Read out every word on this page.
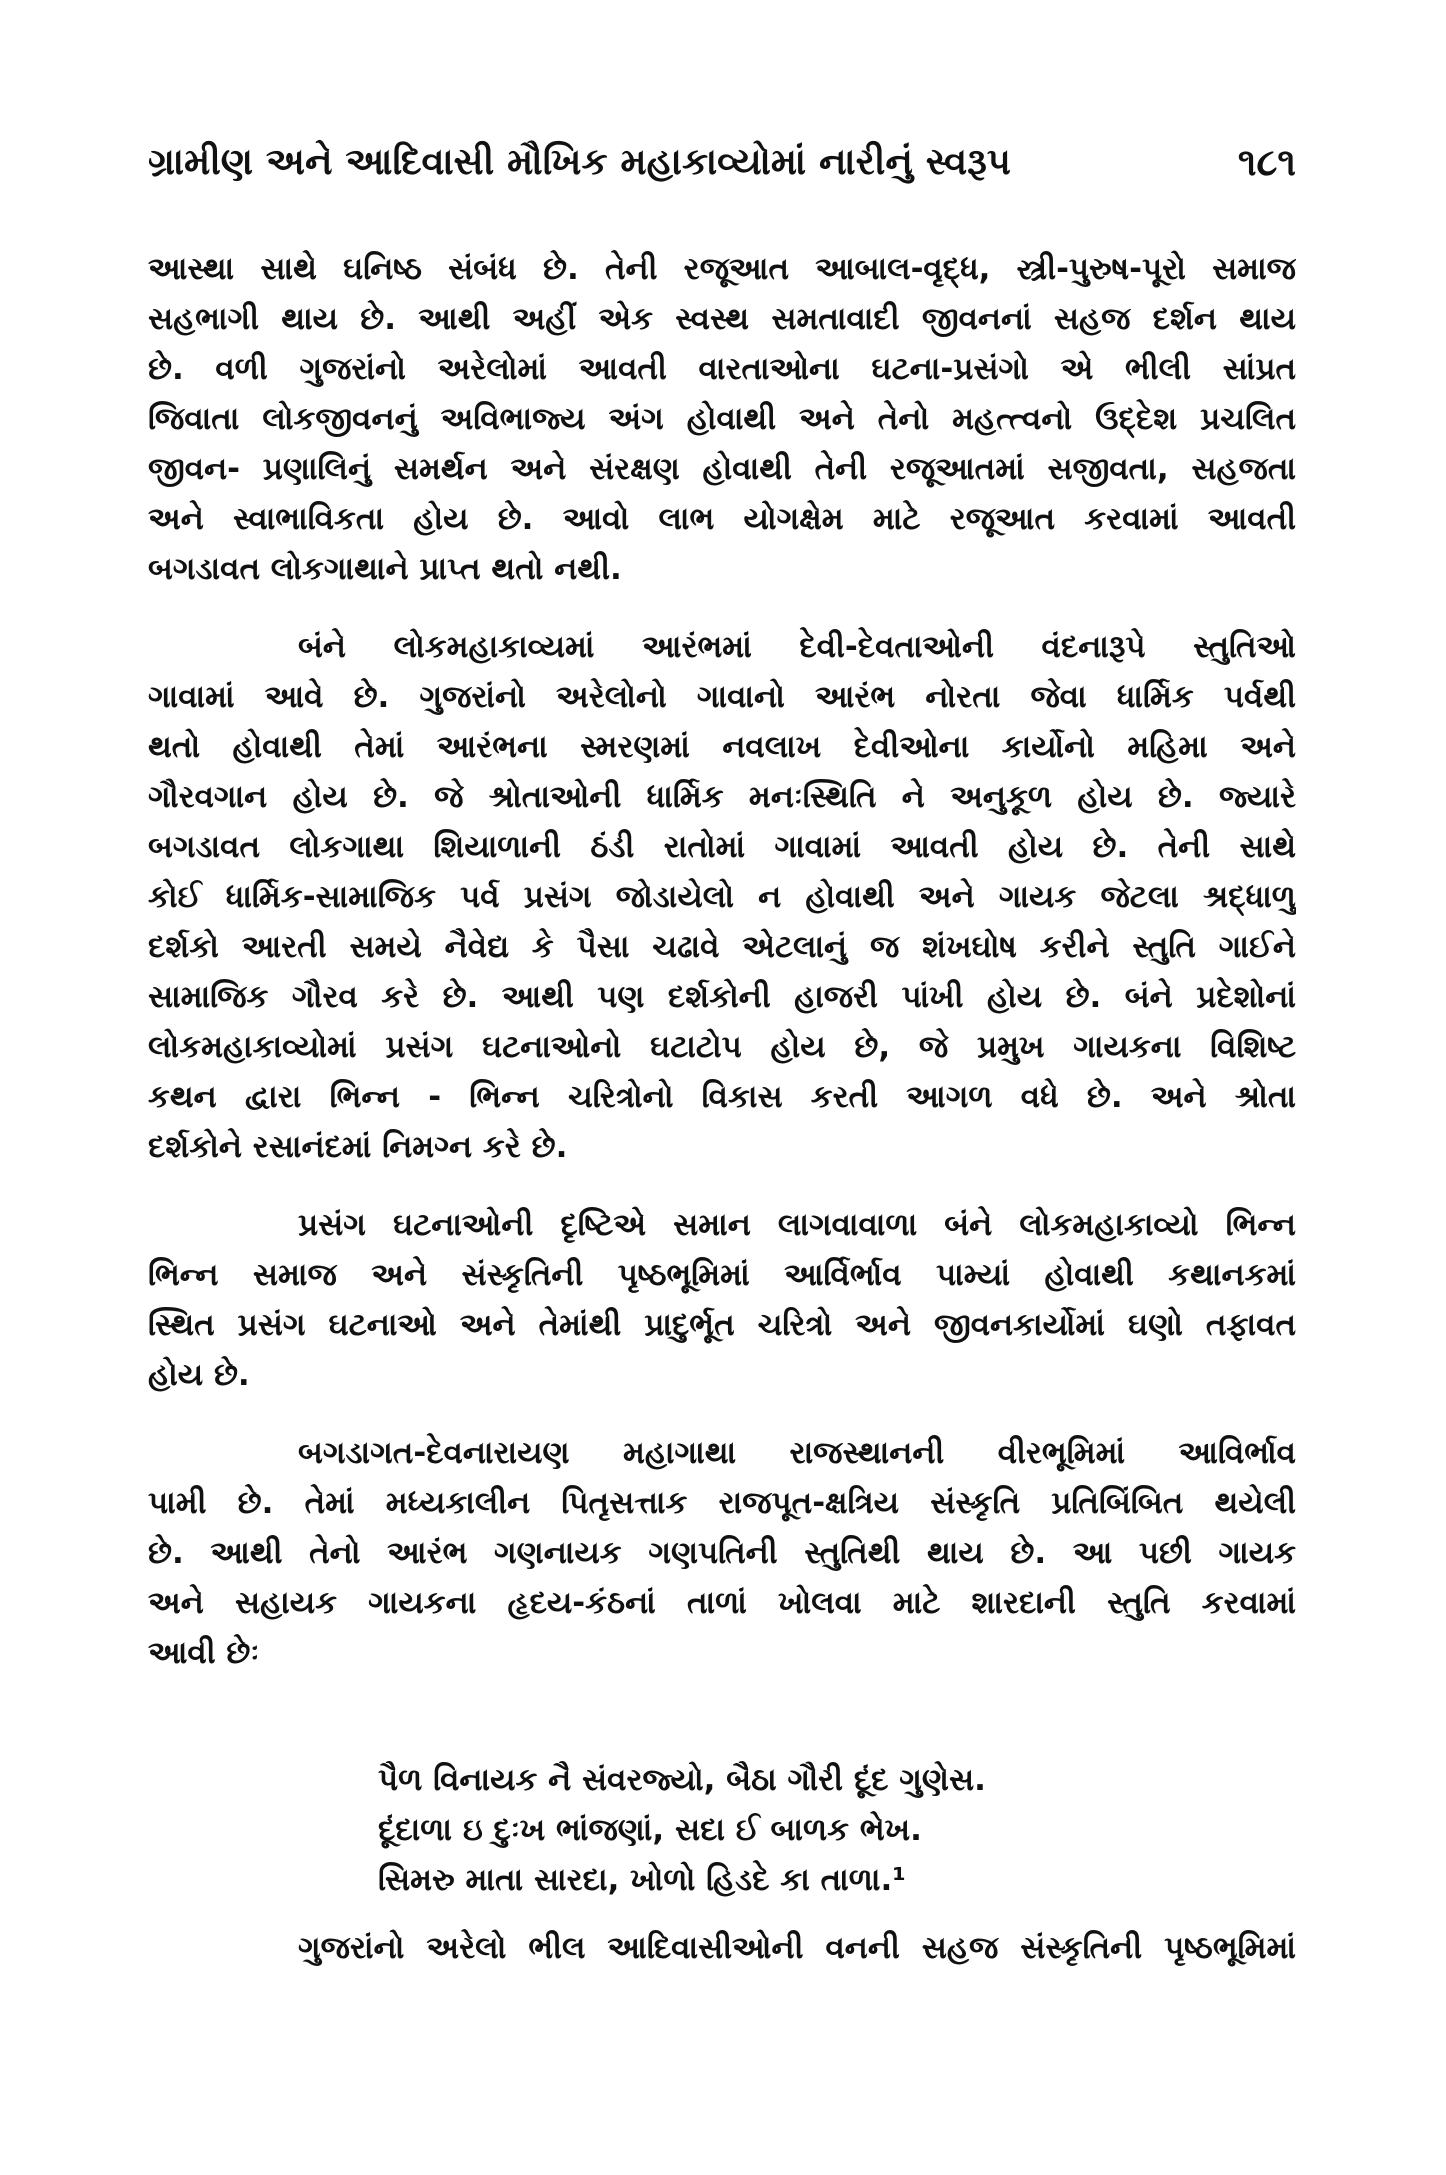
ગ્રામીણ અને આદિવાસી મૌખિક મહાકાવ્યોમાં નારીનું સ્વરૂપ	૧૮૧
આસ્થા સાથે ઘનિષ્ઠ સંબંધ છે. તેની રજૂઆત આબાલ-વૃદ્ધ, સ્ત્રી-પુરુષ-પૂરો સમાજ
સહભાગી થાય છે. આથી અહીં એક સ્વસ્થ સમતાવાદી જીવનનાં સહજ દર્શન થાય
છે. વળી ગુજરાંનો અરેલોમાં આવતી વારતાઓના ઘટના-પ્રસંગો એ ભીલી સાંપ્રત
જિવાતા લોકજીવનનું અવિભાજ્ય અંગ હોવાથી અને તેનો મહત્ત્વનો ઉદ્દેશ પ્રચલિત
જીવન- પ્રણાલિનું સમર્થન અને સંરક્ષણ હોવાથી તેની રજૂઆતમાં સજીવતા, સહજતા
અને સ્વાભાવિકતા હોય છે. આવો લાભ યોગક્ષેમ માટે રજૂઆત કરવામાં આવતી
બગડાવત લોકગાથાને પ્રાપ્ત થતો નથી.
બંને લોકમહાકાવ્યમાં આરંભમાં દેવી-દેવતાઓની વંદનારૂપે સ્તુતિઓ
ગાવામાં આવે છે. ગુજરાંનો અરેલોનો ગાવાનો આરંભ નોરતા જેવા ધાર્મિક પર્વથી
થતો હોવાથી તેમાં આરંભના સ્મરણમાં નવલાખ દેવીઓના કાર્યોનો મહિમા અને
ગૌરવગાન હોય છે. જે શ્રોતાઓની ધાર્મિક મનઃસ્થિતિ ને અનુકૂળ હોય છે. જ્યારે
બગડાવત લોકગાથા શિયાળાની ઠંડી રાતોમાં ગાવામાં આવતી હોય છે. તેની સાથે
કોઈ ધાર્મિક-સામાજિક પર્વ પ્રસંગ જોડાયેલો ન હોવાથી અને ગાયક જેટલા શ્રદ્ધાળુ
દર્શકો આરતી સમયે નૈવેદ્ય કે પૈસા ચઢાવે એટલાનું જ શંખઘોષ કરીને સ્તુતિ ગાઈને
સામાજિક ગૌરવ કરે છે. આથી પણ દર્શકોની હાજરી પાંખી હોય છે. બંને પ્રદેશોનાં
લોકમહાકાવ્યોમાં પ્રસંગ ઘટનાઓનો ઘટાટોપ હોય છે, જે પ્રમુખ ગાયકના વિશિષ્ટ
કથન દ્વારા ભિન્ન - ભિન્ન ચરિત્રોનો વિકાસ કરતી આગળ વધે છે. અને શ્રોતા
દર્શકોને રસાનંદમાં નિમગ્ન કરે છે.
પ્રસંગ ઘટનાઓની દૃષ્ટિએ સમાન લાગવાવાળા બંને લોકમહાકાવ્યો ભિન્ન
ભિન્ન સમાજ અને સંસ્કૃતિની પૃષ્ઠભૂમિમાં આર્વિર્ભાવ પામ્યાં હોવાથી કથાનકમાં
સ્થિત પ્રસંગ ઘટનાઓ અને તેમાંથી પ્રાદુર્ભૂત ચરિત્રો અને જીવનકાર્યોમાં ઘણો તફાવત
હોય છે.
બગડાગત-દેવનારાયણ મહાગાથા રાજસ્થાનની વીરભૂમિમાં આવિર્ભાવ
પામી છે. તેમાં મધ્યકાલીન પિતૃસત્તાક રાજપૂત-ક્ષત્રિય સંસ્કૃતિ પ્રતિબિંબિત થયેલી
છે. આથી તેનો આરંભ ગણનાયક ગણપતિની સ્તુતિથી થાય છે. આ પછી ગાયક
અને સહાયક ગાયકના હૃદય-કંઠનાં તાળાં ખોલવા માટે શારદાની સ્તુતિ કરવામાં
આવી છેઃ
પૈળ વિનાયક નૈ સંવરજ્યો, બૈઠા ગૌરી દૂંદ ગુણેસ.
દૂંદાળા ઇ દુઃખ ભાંજણાં, સદા ઈ બાળક ભેખ.
સિમરુ માતા સારદા, ખોળો હિડદે કા તાળા.¹
ગુજરાંનો અરેલો ભીલ આદિવાસીઓની વનની સહજ સંસ્કૃતિની પૃષ્ઠભૂમિમાં
